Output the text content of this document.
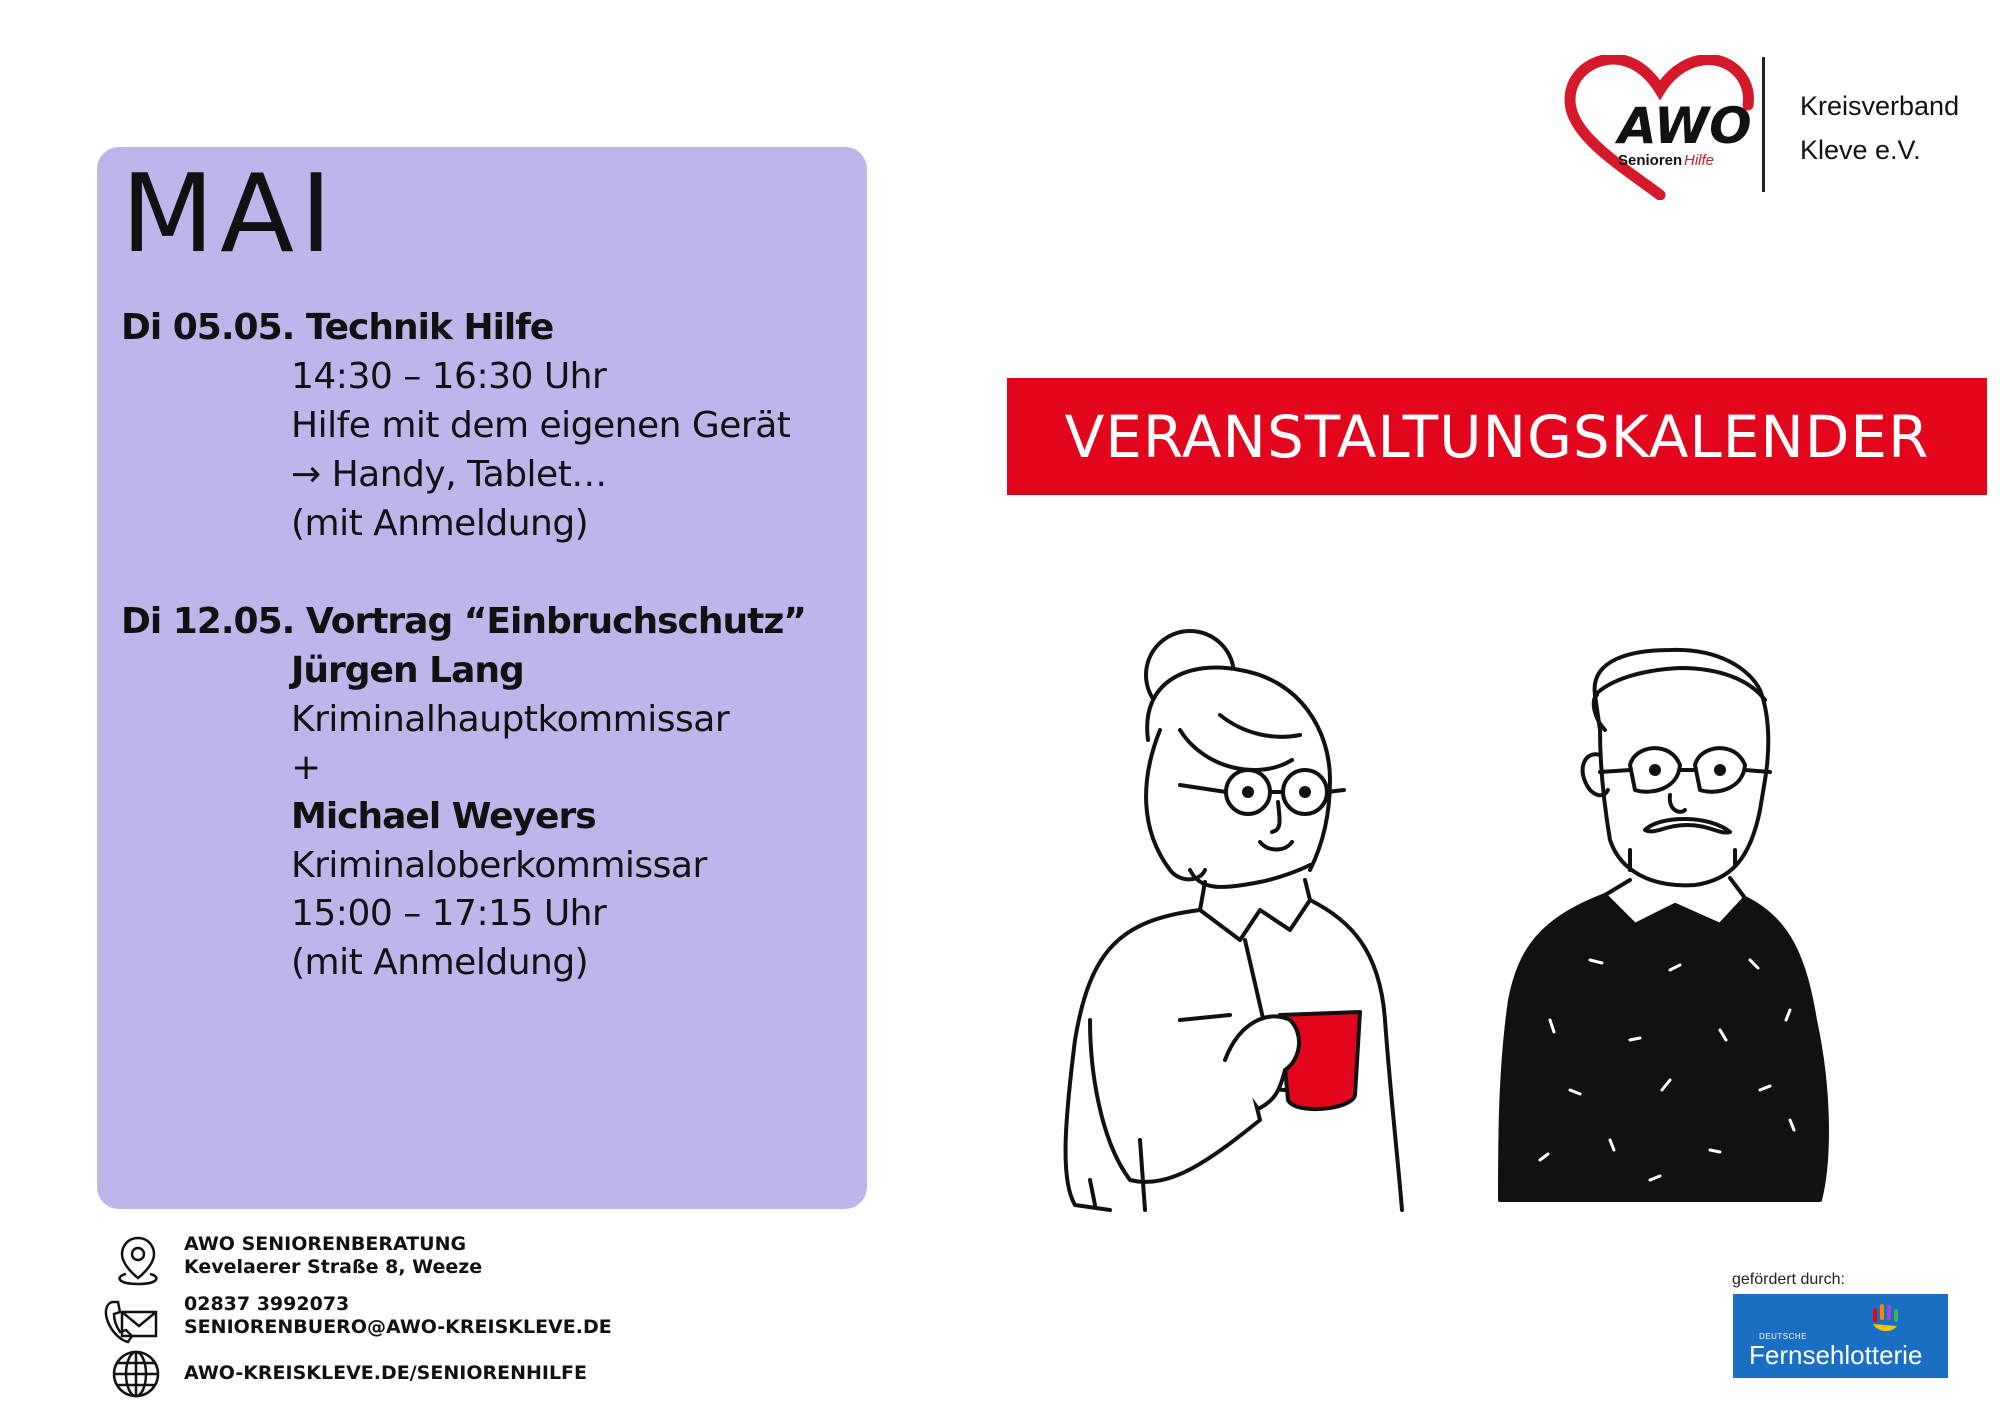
AWO
Senioren Hilfe
Kreisverband
Kleve e.V.
MAI
Di 05.05. Technik Hilfe
14:30 – 16:30 Uhr
Hilfe mit dem eigenen Gerät
→ Handy, Tablet…
(mit Anmeldung)
Di 12.05. Vortrag “Einbruchschutz”
Jürgen Lang
Kriminalhauptkommissar
+
Michael Weyers
Kriminaloberkommissar
15:00 – 17:15 Uhr
(mit Anmeldung)
VERANSTALTUNGSKALENDER
AWO SENIORENBERATUNG
Kevelaerer Straße 8, Weeze
02837 3992073
SENIORENBUERO@AWO-KREISKLEVE.DE
AWO-KREISKLEVE.DE/SENIORENHILFE
gefördert durch:
DEUTSCHE
Fernsehlotterie
